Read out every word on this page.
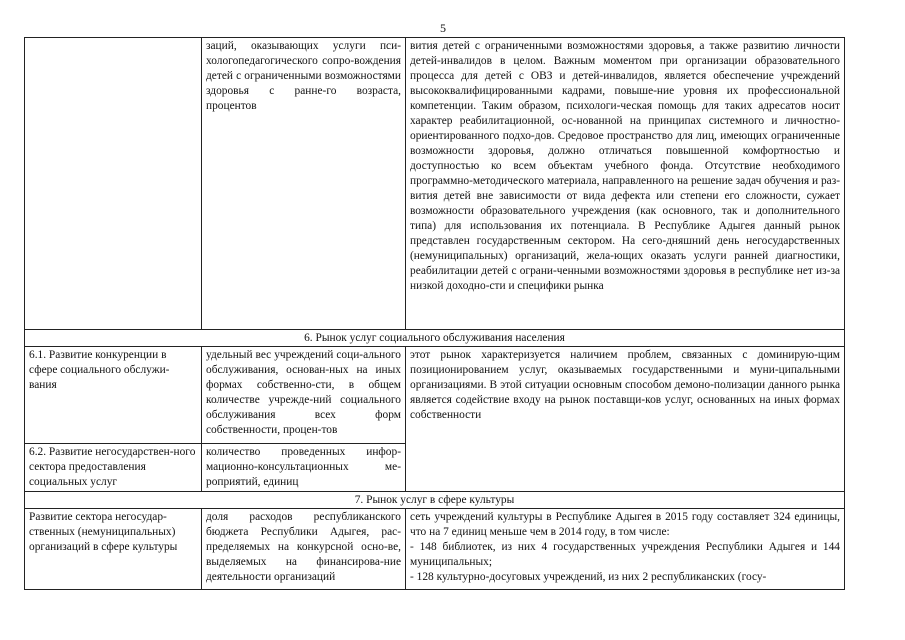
5
	заций, оказывающих услуги пси-хологопедагогического сопро-вождения детей с ограниченными возможностями здоровья с ранне-го возраста, процентов	вития детей с ограниченными возможностями здоровья, а также развитию личности детей-инвалидов в целом. Важным моментом при организации образовательного процесса для детей с ОВЗ и детей-инвалидов, является обеспечение учреждений высококвалифицированными кадрами, повыше-ние уровня их профессиональной компетенции. Таким образом, психологи-ческая помощь для таких адресатов носит характер реабилитационной, ос-нованной на принципах системного и личностно-ориентированного подхо-дов. Средовое пространство для лиц, имеющих ограниченные возможности здоровья, должно отличаться повышенной комфортностью и доступностью ко всем объектам учебного фонда. Отсутствие необходимого программно-методического материала, направленного на решение задач обучения и раз-вития детей вне зависимости от вида дефекта или степени его сложности, сужает возможности образовательного учреждения (как основного, так и дополнительного типа) для использования их потенциала. В Республике Адыгея данный рынок представлен государственным сектором. На сего-дняшний день негосударственных (немуниципальных) организаций, жела-ющих оказать услуги ранней диагностики, реабилитации детей с ограни-ченными возможностями здоровья в республике нет из-за низкой доходно-сти и специфики рынка
6. Рынок услуг социального обслуживания населения		
6.1. Развитие конкуренции в сфере социального обслужи-вания	удельный вес учреждений соци-ального обслуживания, основан-ных на иных формах собственно-сти, в общем количестве учрежде-ний социального обслуживания всех форм собственности, процен-тов	этот рынок характеризуется наличием проблем, связанных с доминирую-щим позиционированием услуг, оказываемых государственными и муни-ципальными организациями. В этой ситуации основным способом демоно-полизации данного рынка является содействие входу на рынок поставщи-ков услуг, основанных на иных формах собственности
6.2. Развитие негосударствен-ного сектора предоставления социальных услуг	количество проведенных инфор-мационно-консультационных ме-роприятий, единиц	
7. Рынок услуг в сфере культуры		
Развитие сектора негосудар-ственных (немуниципальных) организаций в сфере культуры	доля расходов республиканского бюджета Республики Адыгея, рас-пределяемых на конкурсной осно-ве, выделяемых на финансирова-ние деятельности организаций	сеть учреждений культуры в Республике Адыгея в 2015 году составляет 324 единицы, что на 7 единиц меньше чем в 2014 году, в том числе:
- 148 библиотек, из них 4 государственных учреждения Республики Адыгея и 144 муниципальных;
- 128 культурно-досуговых учреждений, из них 2 республиканских (госу-
